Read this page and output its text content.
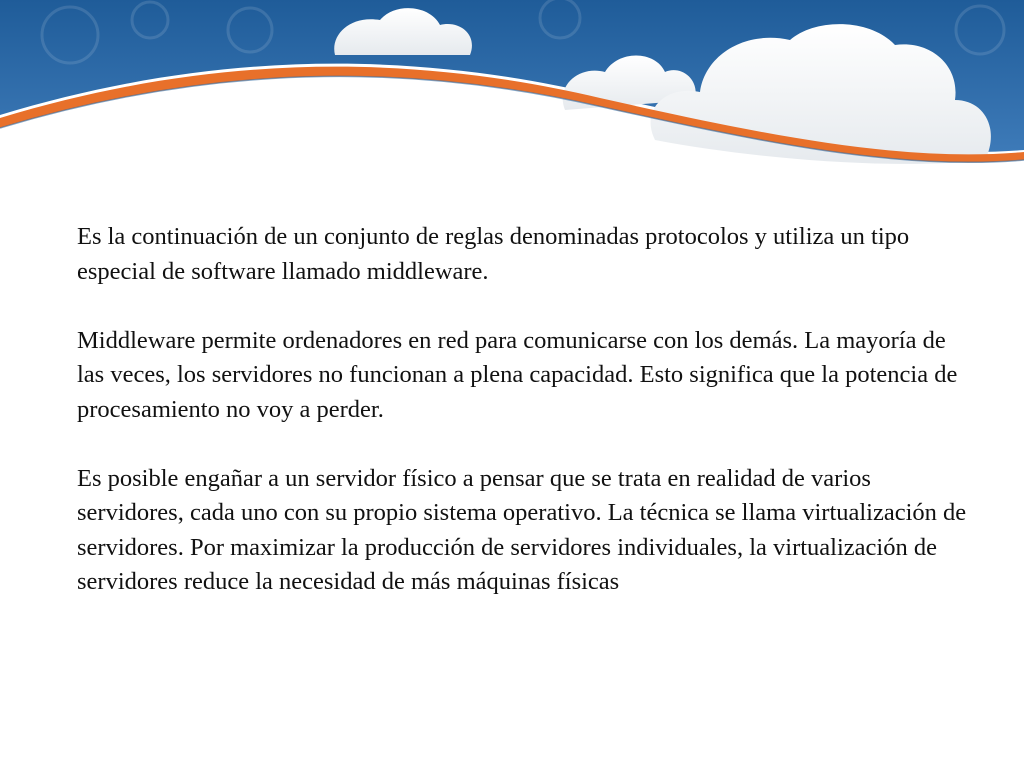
Es la continuación de un conjunto de reglas denominadas protocolos y utiliza un tipo especial de software llamado middleware.

Middleware permite ordenadores en red para comunicarse con los demás. La mayoría de las veces, los servidores no funcionan a plena capacidad. Esto significa que la potencia de procesamiento no voy a perder.

Es posible engañar a un servidor físico a pensar que se trata en realidad de varios servidores, cada uno con su propio sistema operativo. La técnica se llama virtualización de servidores. Por maximizar la producción de servidores individuales, la virtualización de servidores reduce la necesidad de más máquinas físicas
